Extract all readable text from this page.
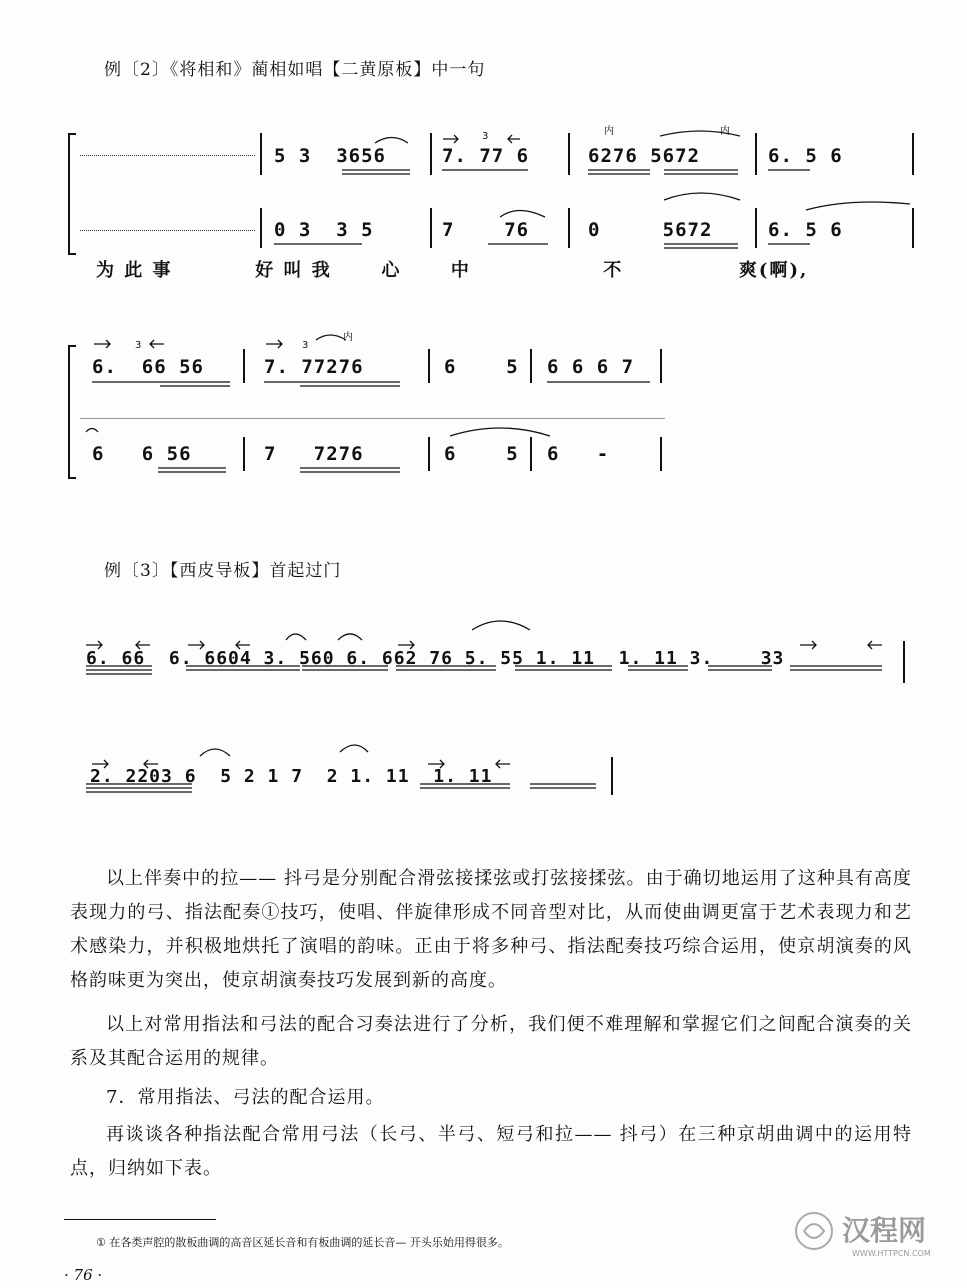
例〔2〕《将相和》蔺相如唱【二黄原板】中一句
5 3  3656	7. 77 6	6276 5672	6. 5 6
0 3  3 5	7    76	0     5672	6. 5 6
内	内
3
为 此 事          好 叫 我      心      中                不              爽(啊),
6.  66 56	7. 77276	6    5 6 6 6 7
6   6 56	7   7276	6    5 6   -
内
3	3
例〔3〕【西皮导板】首起过门
6. 66  6. 6604 3. 560 6. 662 76 5. 55 1. 11  1. 11 3.    33
2. 2203 6  5 2 1 7  2 1. 11  1. 11
以上伴奏中的拉—— 抖弓是分别配合滑弦接揉弦或打弦接揉弦。由于确切地运用了这种具有高度表现力的弓、指法配奏①技巧，使唱、伴旋律形成不同音型对比，从而使曲调更富于艺术表现力和艺术感染力，并积极地烘托了演唱的韵味。正由于将多种弓、指法配奏技巧综合运用，使京胡演奏的风格韵味更为突出，使京胡演奏技巧发展到新的高度。
以上对常用指法和弓法的配合习奏法进行了分析，我们便不难理解和掌握它们之间配合演奏的关系及其配合运用的规律。
7．常用指法、弓法的配合运用。
再谈谈各种指法配合常用弓法（长弓、半弓、短弓和拉—— 抖弓）在三种京胡曲调中的运用特点，归纳如下表。
① 在各类声腔的散板曲调的高音区延长音和有板曲调的延长音— 开头乐始用得很多。
· 76 ·
汉程网
WWW.HTTPCN.COM
